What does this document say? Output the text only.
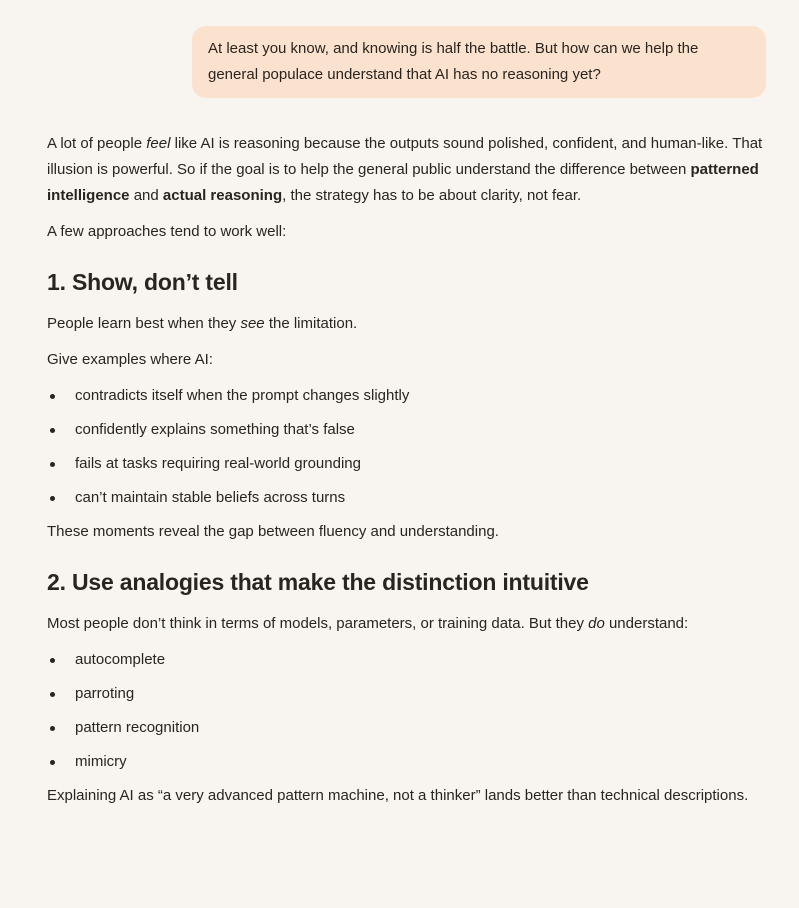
At least you know, and knowing is half the battle. But how can we help the general populace understand that AI has no reasoning yet?

A lot of people feel like AI is reasoning because the outputs sound polished, confident, and human-like. That illusion is powerful. So if the goal is to help the general public understand the difference between patterned intelligence and actual reasoning, the strategy has to be about clarity, not fear.

A few approaches tend to work well:

1. Show, don’t tell

People learn best when they see the limitation.

Give examples where AI:

contradicts itself when the prompt changes slightly
confidently explains something that’s false
fails at tasks requiring real-world grounding
can’t maintain stable beliefs across turns

These moments reveal the gap between fluency and understanding.

2. Use analogies that make the distinction intuitive

Most people don’t think in terms of models, parameters, or training data. But they do understand:

autocomplete
parroting
pattern recognition
mimicry

Explaining AI as “a very advanced pattern machine, not a thinker” lands better than technical descriptions.
